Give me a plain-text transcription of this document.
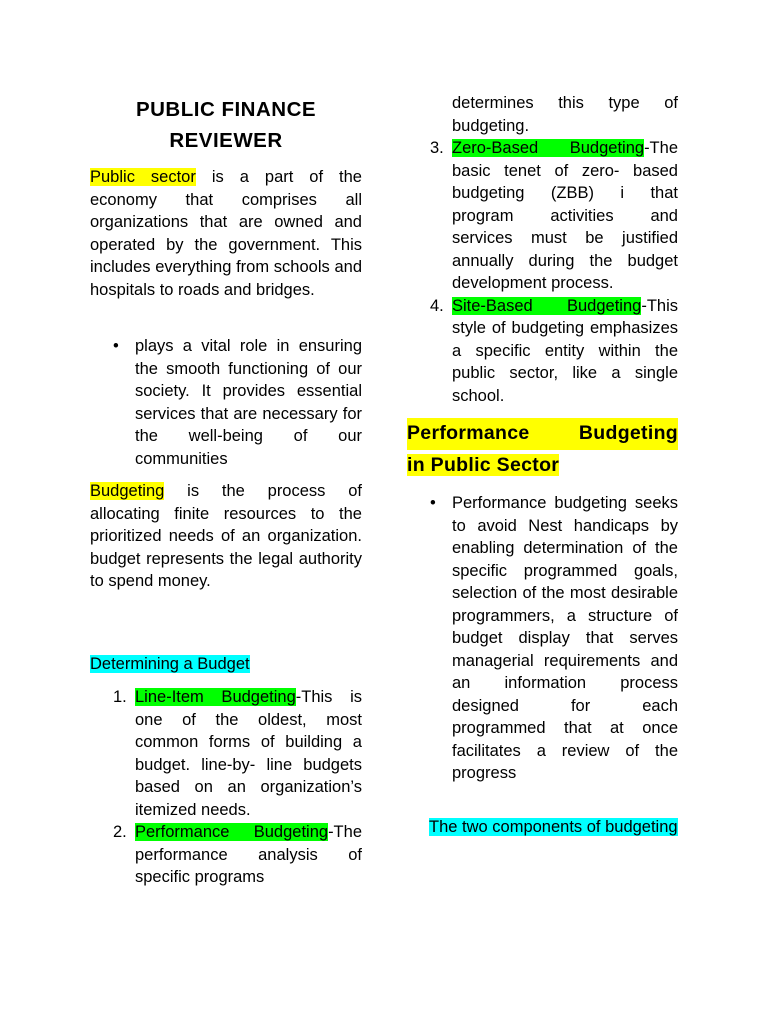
PUBLIC FINANCE
REVIEWER

Public sector is a part of the economy that comprises all organizations that are owned and operated by the government. This includes everything from schools and hospitals to roads and bridges.

• plays a vital role in ensuring the smooth functioning of our society. It provides essential services that are necessary for the well-being of our communities

Budgeting is the process of allocating finite resources to the prioritized needs of an organization. budget represents the legal authority to spend money.

Determining a Budget
1. Line-Item Budgeting-This is one of the oldest, most common forms of building a budget. line-by- line budgets based on an organization’s itemized needs.

2. Performance Budgeting-The performance analysis of specific programs

determines this type of budgeting.

3. Zero-Based Budgeting-The basic tenet of zero- based budgeting (ZBB) i that program activities and services must be justified annually during the budget development process.

4. Site-Based Budgeting-This style of budgeting emphasizes a specific entity within the public sector, like a single school.

Performance Budgeting
in Public Sector
• Performance budgeting seeks to avoid Nest handicaps by enabling determination of the specific programmed goals, selection of the most desirable programmers, a structure of budget display that serves managerial requirements and an information process designed for each programmed that at once facilitates a review of the progress

The two components of budgeting
